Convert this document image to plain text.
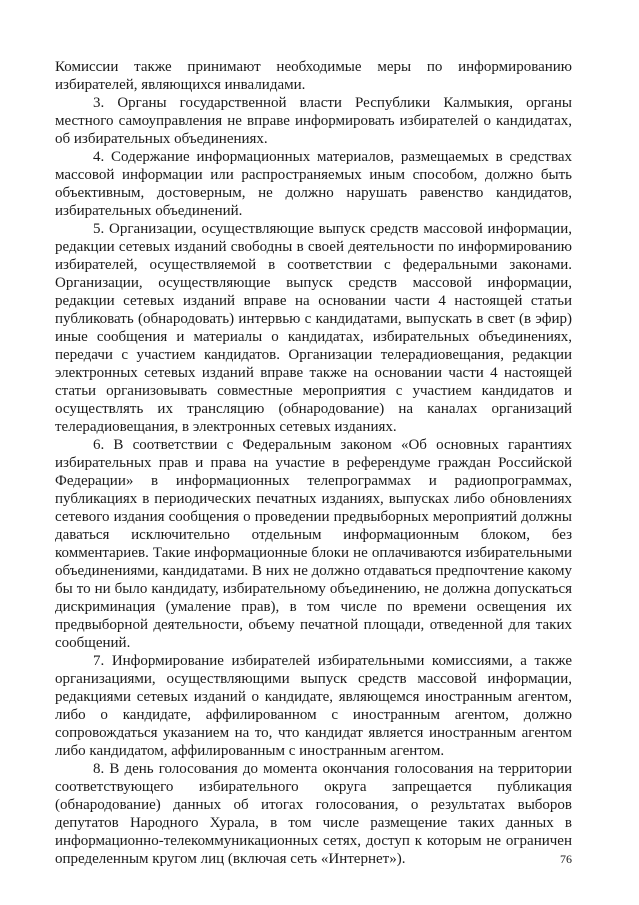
Комиссии также принимают необходимые меры по информированию избирателей, являющихся инвалидами.

3. Органы государственной власти Республики Калмыкия, органы местного самоуправления не вправе информировать избирателей о кандидатах, об избирательных объединениях.

4. Содержание информационных материалов, размещаемых в средствах массовой информации или распространяемых иным способом, должно быть объективным, достоверным, не должно нарушать равенство кандидатов, избирательных объединений.

5. Организации, осуществляющие выпуск средств массовой информации, редакции сетевых изданий свободны в своей деятельности по информированию избирателей, осуществляемой в соответствии с федеральными законами. Организации, осуществляющие выпуск средств массовой информации, редакции сетевых изданий вправе на основании части 4 настоящей статьи публиковать (обнародовать) интервью с кандидатами, выпускать в свет (в эфир) иные сообщения и материалы о кандидатах, избирательных объединениях, передачи с участием кандидатов. Организации телерадиовещания, редакции электронных сетевых изданий вправе также на основании части 4 настоящей статьи организовывать совместные мероприятия с участием кандидатов и осуществлять их трансляцию (обнародование) на каналах организаций телерадиовещания, в электронных сетевых изданиях.

6. В соответствии с Федеральным законом «Об основных гарантиях избирательных прав и права на участие в референдуме граждан Российской Федерации» в информационных телепрограммах и радиопрограммах, публикациях в периодических печатных изданиях, выпусках либо обновлениях сетевого издания сообщения о проведении предвыборных мероприятий должны даваться исключительно отдельным информационным блоком, без комментариев. Такие информационные блоки не оплачиваются избирательными объединениями, кандидатами. В них не должно отдаваться предпочтение какому бы то ни было кандидату, избирательному объединению, не должна допускаться дискриминация (умаление прав), в том числе по времени освещения их предвыборной деятельности, объему печатной площади, отведенной для таких сообщений.

7. Информирование избирателей избирательными комиссиями, а также организациями, осуществляющими выпуск средств массовой информации, редакциями сетевых изданий о кандидате, являющемся иностранным агентом, либо о кандидате, аффилированном с иностранным агентом, должно сопровождаться указанием на то, что кандидат является иностранным агентом либо кандидатом, аффилированным с иностранным агентом.

8. В день голосования до момента окончания голосования на территории соответствующего избирательного округа запрещается публикация (обнародование) данных об итогах голосования, о результатах выборов депутатов Народного Хурала, в том числе размещение таких данных в информационно-телекоммуникационных сетях, доступ к которым не ограничен определенным кругом лиц (включая сеть «Интернет»).	76
